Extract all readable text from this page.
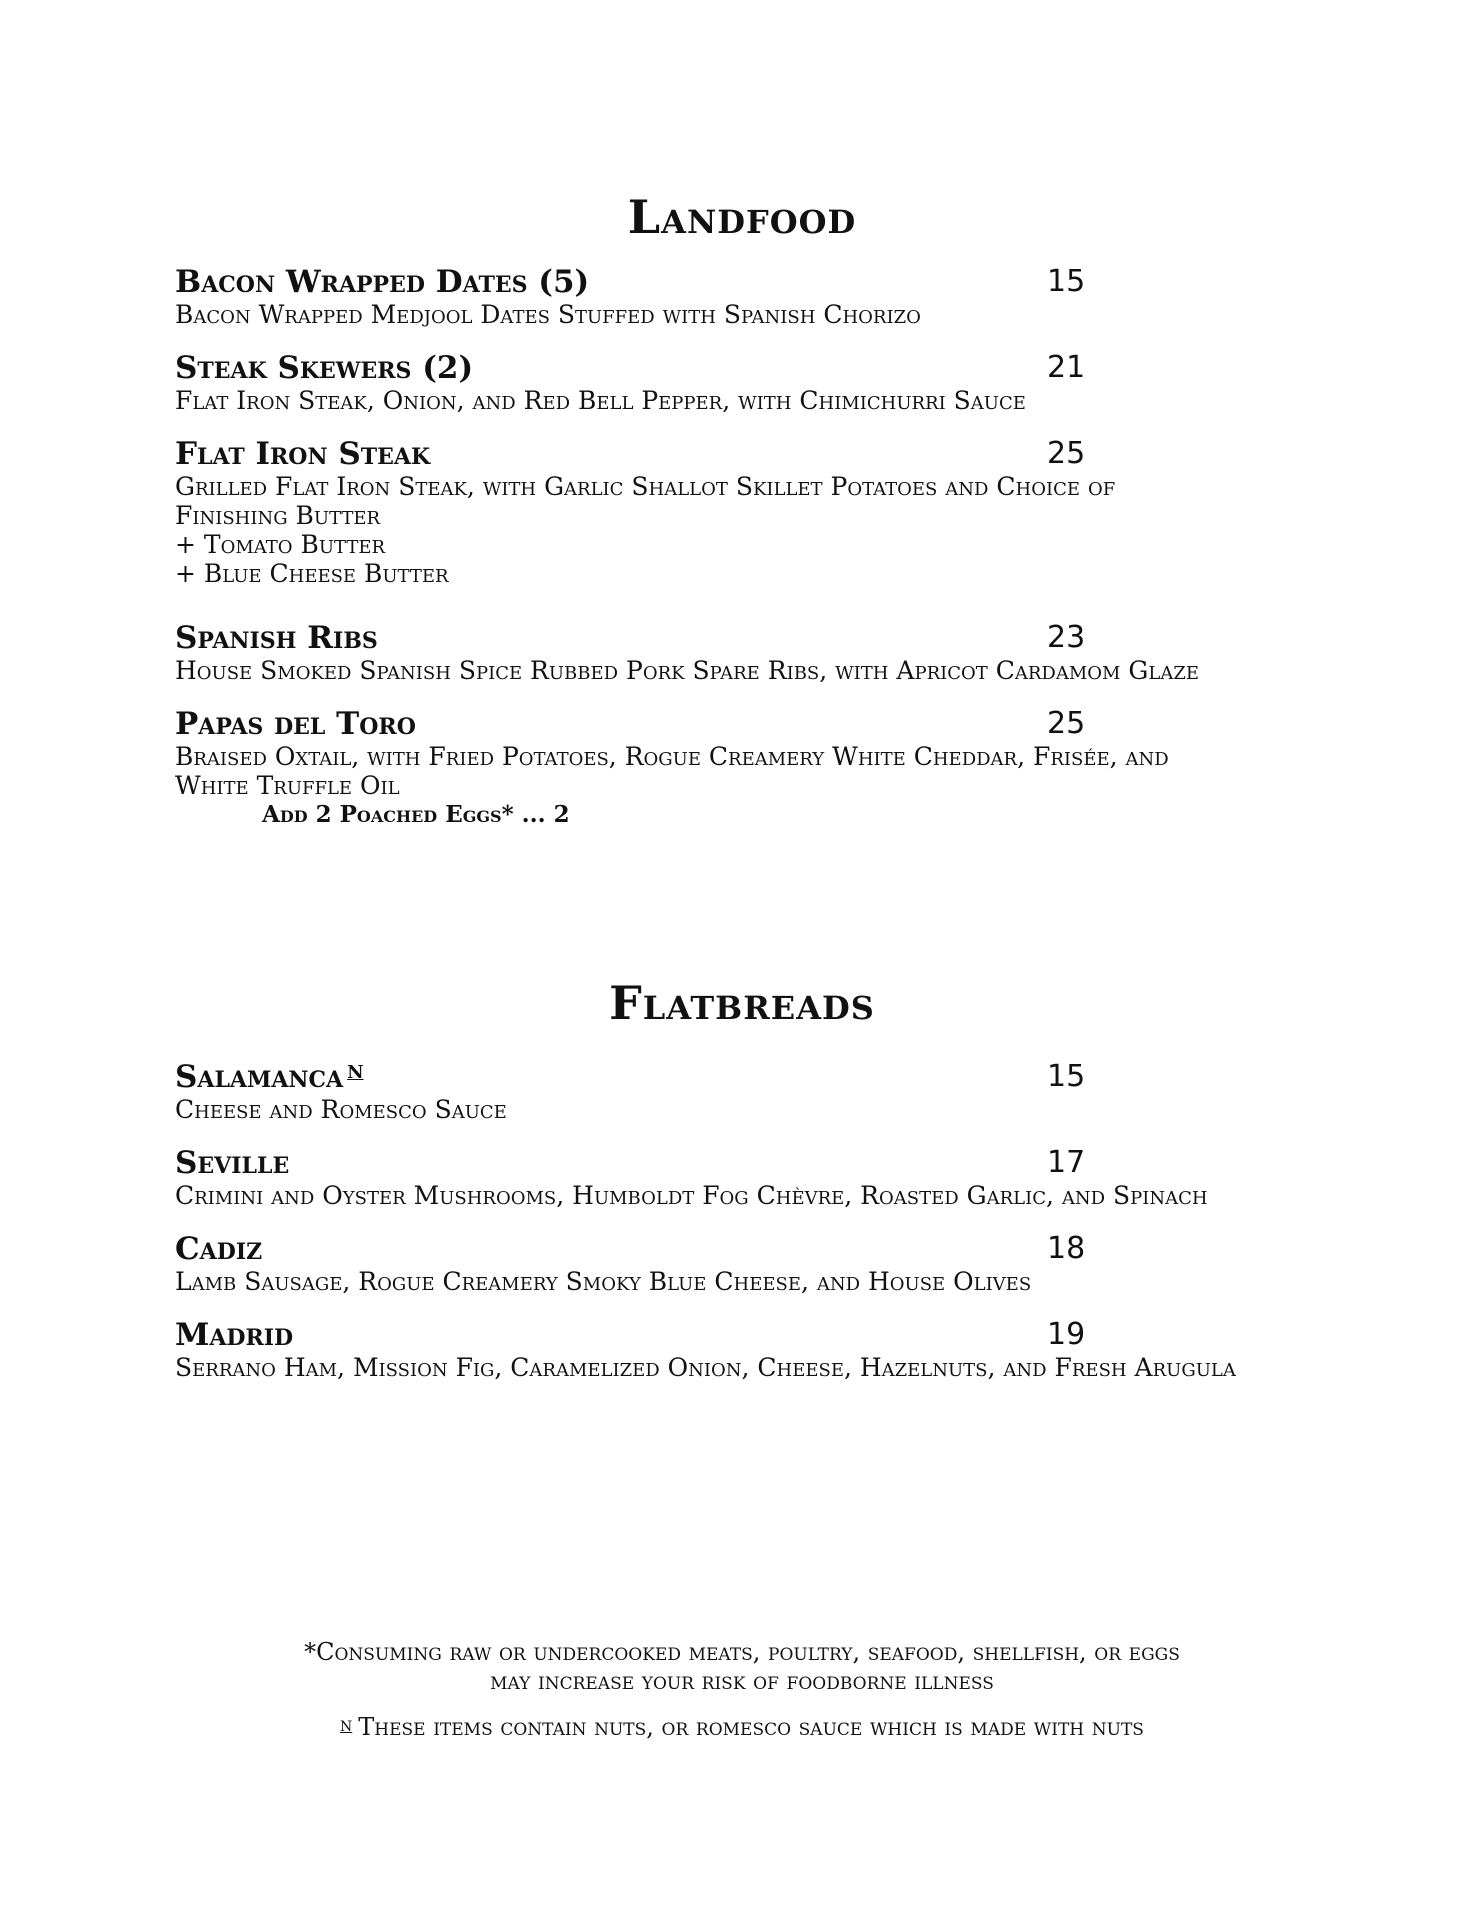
Landfood
Bacon Wrapped Dates (5)	15

Bacon Wrapped Medjool Dates Stuffed with Spanish Chorizo

Steak Skewers (2)	21

Flat Iron Steak, Onion, and Red Bell Pepper, with Chimichurri Sauce

Flat Iron Steak	25

Grilled Flat Iron Steak, with Garlic Shallot Skillet Potatoes and Choice of

Finishing Butter

+ Tomato Butter

+ Blue Cheese Butter

Spanish Ribs	23

House Smoked Spanish Spice Rubbed Pork Spare Ribs, with Apricot Cardamom Glaze

Papas del Toro	25

Braised Oxtail, with Fried Potatoes, Rogue Creamery White Cheddar, Frisée, and

White Truffle Oil

Add 2 Poached Eggs* ... 2
Flatbreads
Salamanca $^N$	15

Cheese and Romesco Sauce

Seville	17

Crimini and Oyster Mushrooms, Humboldt Fog Chèvre, Roasted Garlic, and Spinach

Cadiz	18

Lamb Sausage, Rogue Creamery Smoky Blue Cheese, and House Olives

Madrid	19

Serrano Ham, Mission Fig, Caramelized Onion, Cheese, Hazelnuts, and Fresh Arugula

*Consuming raw or undercooked meats, poultry, seafood, shellfish, or eggs
may increase your risk of foodborne illness
$^N$ These items contain nuts, or romesco sauce which is made with nuts
